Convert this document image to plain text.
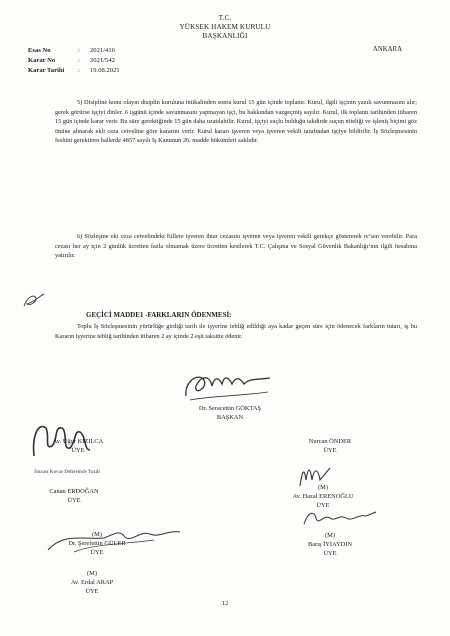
T.C.
YÜKSEK HAKEM KURULU
BAŞKANLIĞI
Esas No	:	2021/416
Karar No	:	2021/542
Karar Tarihi	:	19.08.2021
ANKARA
5) Disipline konu olayın disiplin kuruluna intikalinden sonra kurul 15 gün içinde toplanır. Kurul, ilgili işçinin yazılı savunmasını alır; gerek görürse işçiyi dinler. 6 işgünü içinde savunmasını yapmayan işçi, bu hakkından vazgeçmiş sayılır. Kurul, ilk toplantı tarihinden itibaren 15 gün içinde karar verir. Bu süre gerektiğinde 15 gün daha uzatılabilir. Kurul, işçiyi suçlu bulduğu takdirde suçun niteliği ve işleniş biçimi göz önüne alınarak ekli ceza cetveline göre kararını verir. Kurul kararı işveren veya işveren vekili tarafından işçiye bildirilir. İş Sözleşmesinin feshini gerektiren hallerde 4857 sayılı İş Kanunun 26. madde hükümleri saklıdır.
6) Sözleşme eki ceza cetvelindeki fiillere işveren ihtar cezasını işveren veya işveren vekili gerekçe göstererek re’sen verebilir. Para cezası her ay için 2 günlük ücretten fazla olmamak üzere ücretten kesilerek T.C. Çalışma ve Sosyal Güvenlik Bakanlığı’nın ilgili hesabına yatırılır.
GEÇİCİ MADDE1 -FARKLARIN ÖDENMESİ:
Toplu İş Sözleşmesinin yürürlüğe girdiği tarih ile işyerine tebliğ edildiği aya kadar geçen süre için ödenecek farkların tutarı, iş bu Kararın işyerine tebliğ tarihinden itibaren 2 ay içinde 2 eşit taksitte ödenir.
Dr. Seracettin GÖKTAŞ
BAŞKAN
Av. Uğur KIZILCA
ÜYE
Nurcan ÖNDER
ÜYE
İmzası Kovar Delterinde Yazılı
Canan ERDOĞAN
ÜYE
(M)
Av. Hazal ERENOĞLU
ÜYE
(M)
Dr. Şerefettin GÜLER
ÜYE
(M)
Barış İYİAYDIN
ÜYE
(M)
Av. Erdal ARAP
ÜYE
12
